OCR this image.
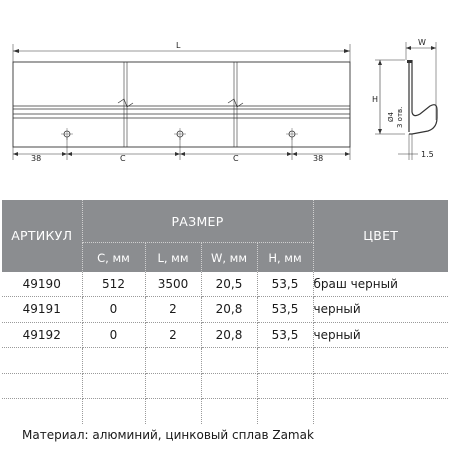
L	W
H
C	C
38	38
Ø4 3 отв.
1.5
АРТИКУЛ	РАЗМЕР				ЦВЕТ
	C, мм	L, мм	W, мм	H, мм	
49190	512	3500	20,5	53,5	браш черный
49191	0	2	20,8	53,5	черный
49192	0	2	20,8	53,5	черный

Материал: алюминий, цинковый сплав Zamak
